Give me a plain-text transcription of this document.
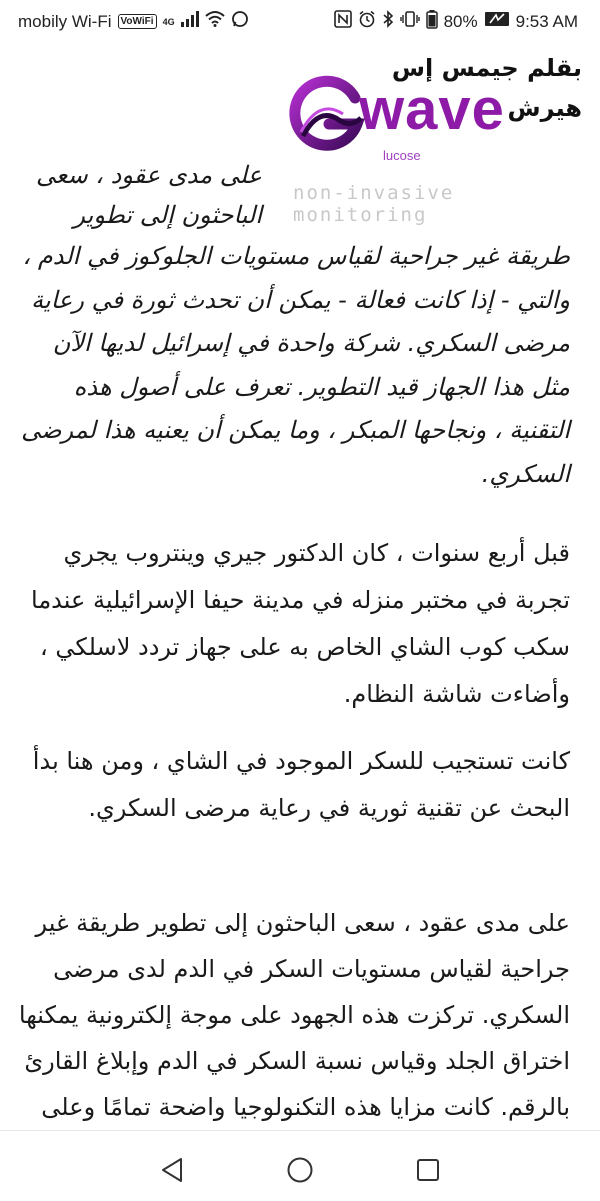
mobily Wi-Fi VoWiFi	4G	80% 9:53 AM
بقلم جيمس إس هيرش
wave
lucose
non-invasive monitoring
على مدى عقود ، سعى الباحثون إلى تطوير
طريقة غير جراحية لقياس مستويات الجلوكوز في الدم ، والتي - إذا كانت فعالة - يمكن أن تحدث ثورة في رعاية مرضى السكري. شركة واحدة في إسرائيل لديها الآن مثل هذا الجهاز قيد التطوير. تعرف على أصول هذه التقنية ، ونجاحها المبكر ، وما يمكن أن يعنيه هذا لمرضى السكري.
قبل أربع سنوات ، كان الدكتور جيري وينتروب يجري تجربة في مختبر منزله في مدينة حيفا الإسرائيلية عندما سكب كوب الشاي الخاص به على جهاز تردد لاسلكي ، وأضاءت شاشة النظام.
كانت تستجيب للسكر الموجود في الشاي ، ومن هنا بدأ البحث عن تقنية ثورية في رعاية مرضى السكري.
على مدى عقود ، سعى الباحثون إلى تطوير طريقة غير جراحية لقياس مستويات السكر في الدم لدى مرضى السكري. تركزت هذه الجهود على موجة إلكترونية يمكنها اختراق الجلد وقياس نسبة السكر في الدم وإبلاغ القارئ بالرقم. كانت مزايا هذه التكنولوجيا واضحة تمامًا وعلى
